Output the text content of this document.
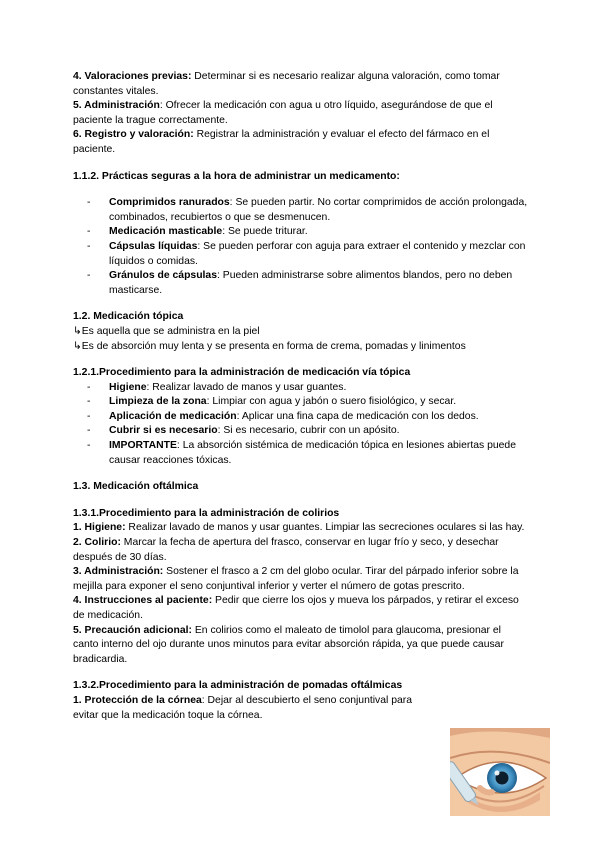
4. Valoraciones previas: Determinar si es necesario realizar alguna valoración, como tomar constantes vitales.

5. Administración: Ofrecer la medicación con agua u otro líquido, asegurándose de que el paciente la trague correctamente.

6. Registro y valoración: Registrar la administración y evaluar el efecto del fármaco en el paciente.

1.1.2. Prácticas seguras a la hora de administrar un medicamento:

- Comprimidos ranurados: Se pueden partir. No cortar comprimidos de acción prolongada, combinados, recubiertos o que se desmenucen.
- Medicación masticable: Se puede triturar.
- Cápsulas líquidas: Se pueden perforar con aguja para extraer el contenido y mezclar con líquidos o comidas.
- Gránulos de cápsulas: Pueden administrarse sobre alimentos blandos, pero no deben masticarse.

1.2. Medicación tópica

↳Es aquella que se administra en la piel

↳Es de absorción muy lenta y se presenta en forma de crema, pomadas y linimentos

1.2.1.Procedimiento para la administración de medicación vía tópica

- Higiene: Realizar lavado de manos y usar guantes.
- Limpieza de la zona: Limpiar con agua y jabón o suero fisiológico, y secar.
- Aplicación de medicación: Aplicar una fina capa de medicación con los dedos.
- Cubrir si es necesario: Si es necesario, cubrir con un apósito.
- IMPORTANTE: La absorción sistémica de medicación tópica en lesiones abiertas puede causar reacciones tóxicas.

1.3. Medicación oftálmica

1.3.1.Procedimiento para la administración de colirios

1. Higiene: Realizar lavado de manos y usar guantes. Limpiar las secreciones oculares si las hay.

2. Colirio: Marcar la fecha de apertura del frasco, conservar en lugar frío y seco, y desechar después de 30 días.

3. Administración: Sostener el frasco a 2 cm del globo ocular. Tirar del párpado inferior sobre la mejilla para exponer el seno conjuntival inferior y verter el número de gotas prescrito.

4. Instrucciones al paciente: Pedir que cierre los ojos y mueva los párpados, y retirar el exceso de medicación.

5. Precaución adicional: En colirios como el maleato de timolol para glaucoma, presionar el canto interno del ojo durante unos minutos para evitar absorción rápida, ya que puede causar bradicardia.

1.3.2.Procedimiento para la administración de pomadas oftálmicas

1. Protección de la córnea: Dejar al descubierto el seno conjuntival para evitar que la medicación toque la córnea.
